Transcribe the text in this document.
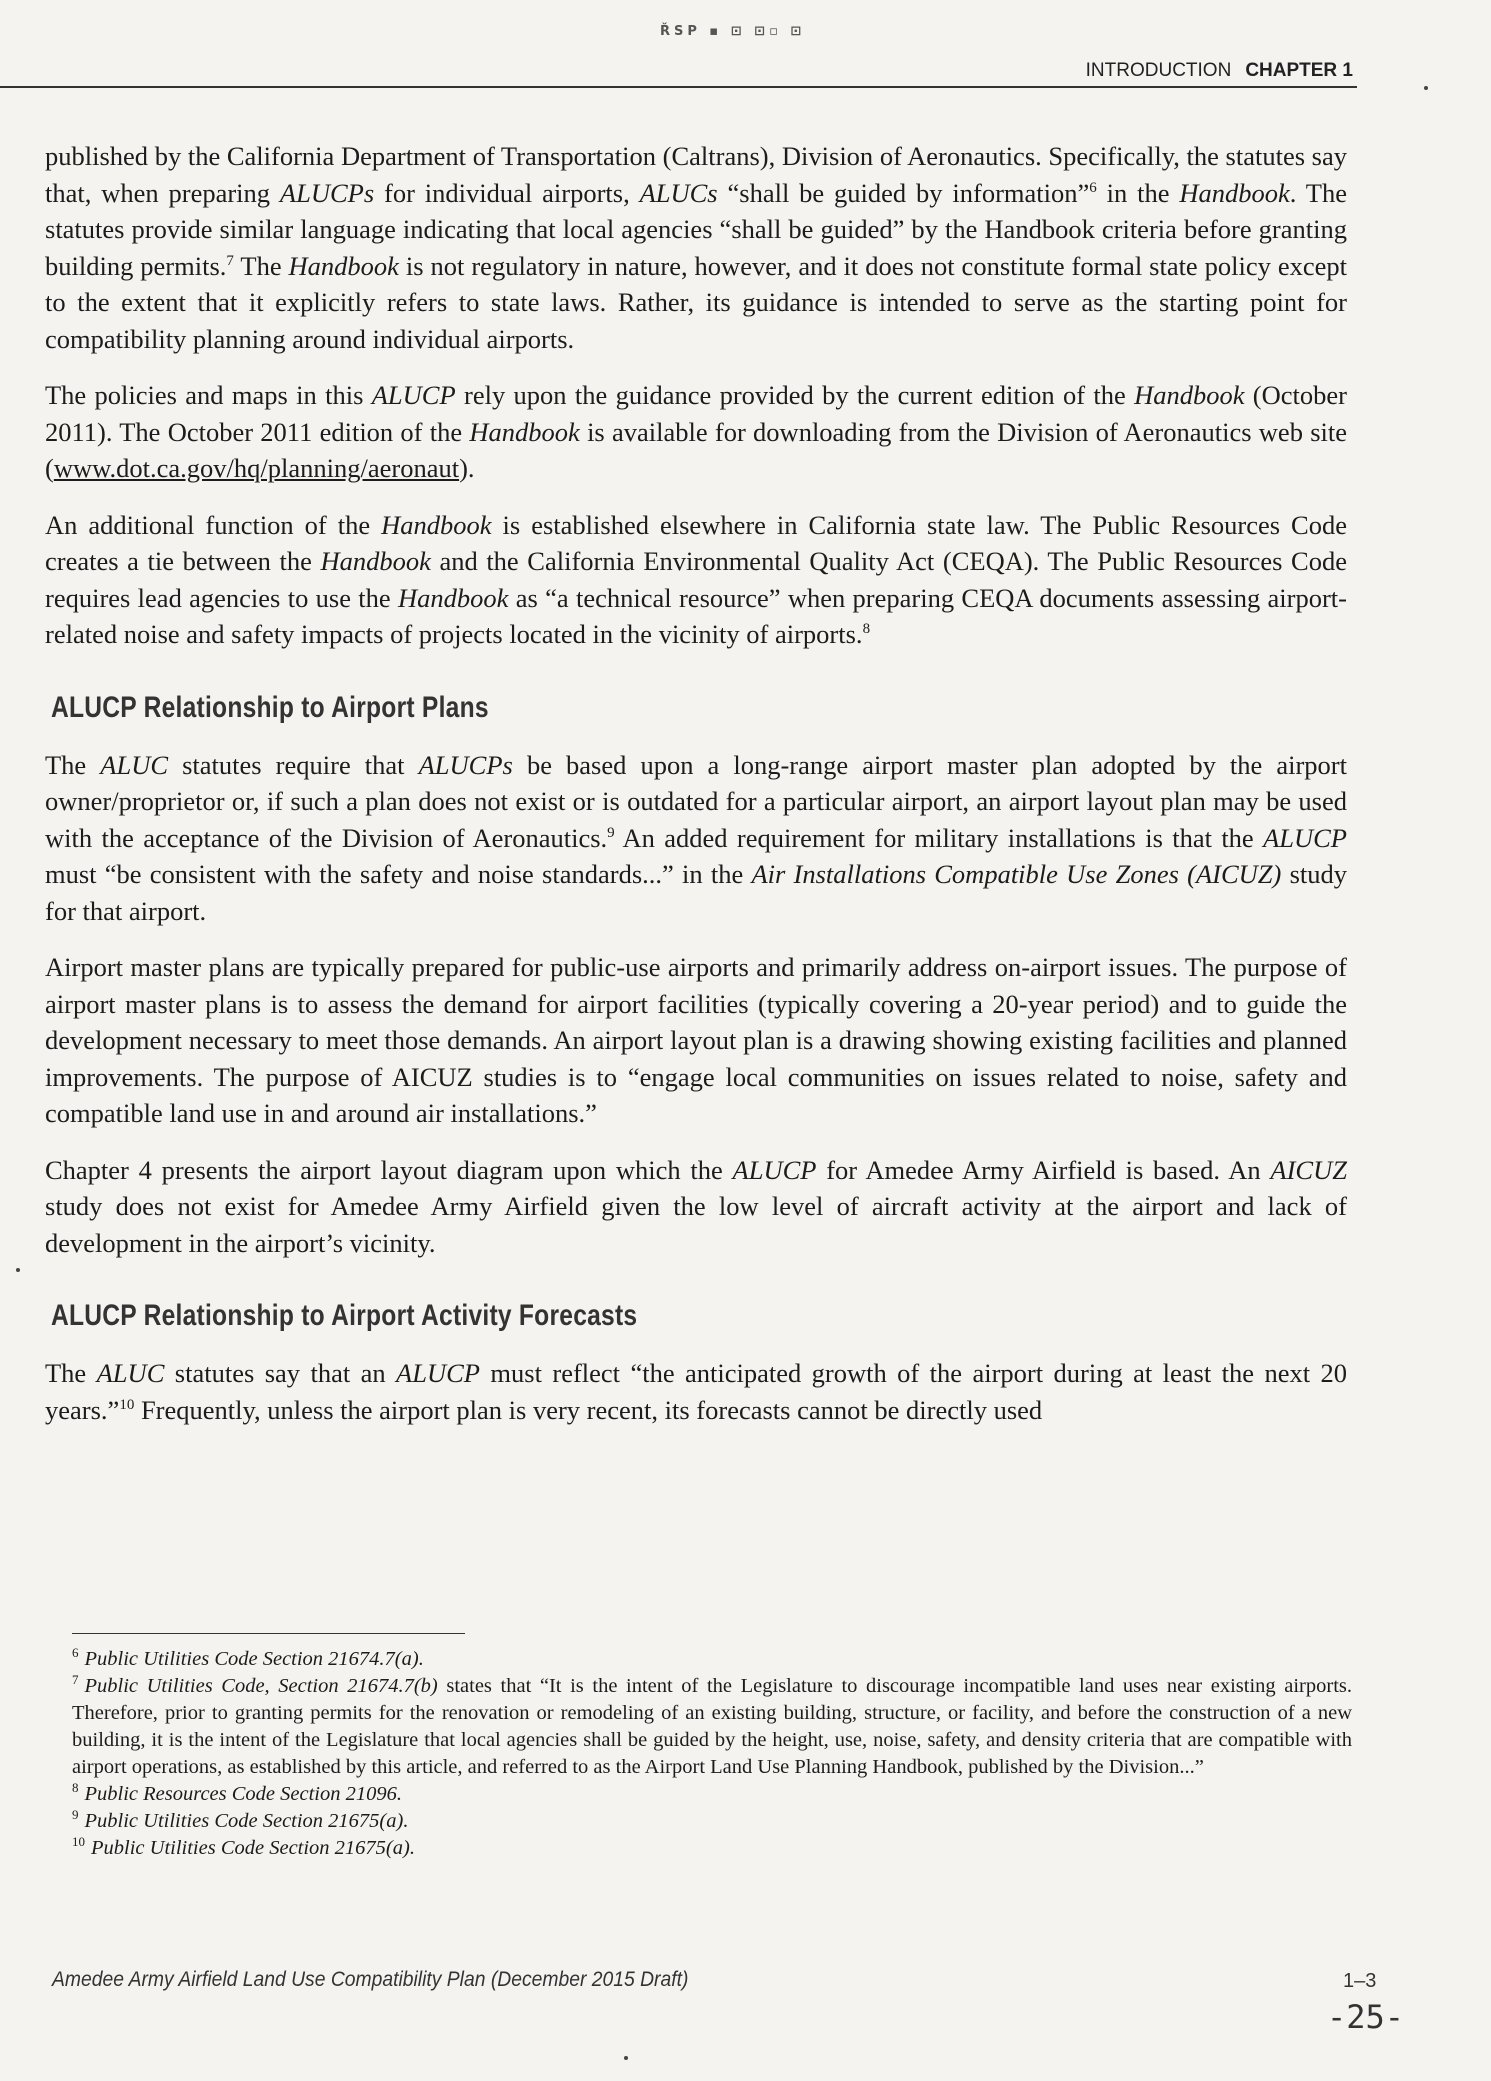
ŘSP ▪ ⊡ ⊡▫ ⊡
INTRODUCTION CHAPTER 1

published by the California Department of Transportation (Caltrans), Division of Aeronautics. Specifically, the statutes say that, when preparing ALUCPs for individual airports, ALUCs “shall be guided by information”$^6$ in the Handbook. The statutes provide similar language indicating that local agencies “shall be guided” by the Handbook criteria before granting building permits.$^7$ The Handbook is not regulatory in nature, however, and it does not constitute formal state policy except to the extent that it explicitly refers to state laws. Rather, its guidance is intended to serve as the starting point for compatibility planning around individual airports.

The policies and maps in this ALUCP rely upon the guidance provided by the current edition of the Handbook (October 2011). The October 2011 edition of the Handbook is available for downloading from the Division of Aeronautics web site (www.dot.ca.gov/hq/planning/aeronaut).

An additional function of the Handbook is established elsewhere in California state law. The Public Resources Code creates a tie between the Handbook and the California Environmental Quality Act (CEQA). The Public Resources Code requires lead agencies to use the Handbook as “a technical resource” when preparing CEQA documents assessing airport-related noise and safety impacts of projects located in the vicinity of airports.$^8$

ALUCP Relationship to Airport Plans

The ALUC statutes require that ALUCPs be based upon a long-range airport master plan adopted by the airport owner/proprietor or, if such a plan does not exist or is outdated for a particular airport, an airport layout plan may be used with the acceptance of the Division of Aeronautics.$^9$ An added requirement for military installations is that the ALUCP must “be consistent with the safety and noise standards...” in the Air Installations Compatible Use Zones (AICUZ) study for that airport.

Airport master plans are typically prepared for public-use airports and primarily address on-airport issues. The purpose of airport master plans is to assess the demand for airport facilities (typically covering a 20-year period) and to guide the development necessary to meet those demands. An airport layout plan is a drawing showing existing facilities and planned improvements. The purpose of AICUZ studies is to “engage local communities on issues related to noise, safety and compatible land use in and around air installations.”

Chapter 4 presents the airport layout diagram upon which the ALUCP for Amedee Army Airfield is based. An AICUZ study does not exist for Amedee Army Airfield given the low level of aircraft activity at the airport and lack of development in the airport’s vicinity.

ALUCP Relationship to Airport Activity Forecasts

The ALUC statutes say that an ALUCP must reflect “the anticipated growth of the airport during at least the next 20 years.”$^{10}$ Frequently, unless the airport plan is very recent, its forecasts cannot be directly used

$^6$ Public Utilities Code Section 21674.7(a).

$^7$ Public Utilities Code, Section 21674.7(b) states that “It is the intent of the Legislature to discourage incompatible land uses near existing airports. Therefore, prior to granting permits for the renovation or remodeling of an existing building, structure, or facility, and before the construction of a new building, it is the intent of the Legislature that local agencies shall be guided by the height, use, noise, safety, and density criteria that are compatible with airport operations, as established by this article, and referred to as the Airport Land Use Planning Handbook, published by the Division...”

$^8$ Public Resources Code Section 21096.

$^9$ Public Utilities Code Section 21675(a).

$^{10}$ Public Utilities Code Section 21675(a).

Amedee Army Airfield Land Use Compatibility Plan (December 2015 Draft)	1–3
-25-
